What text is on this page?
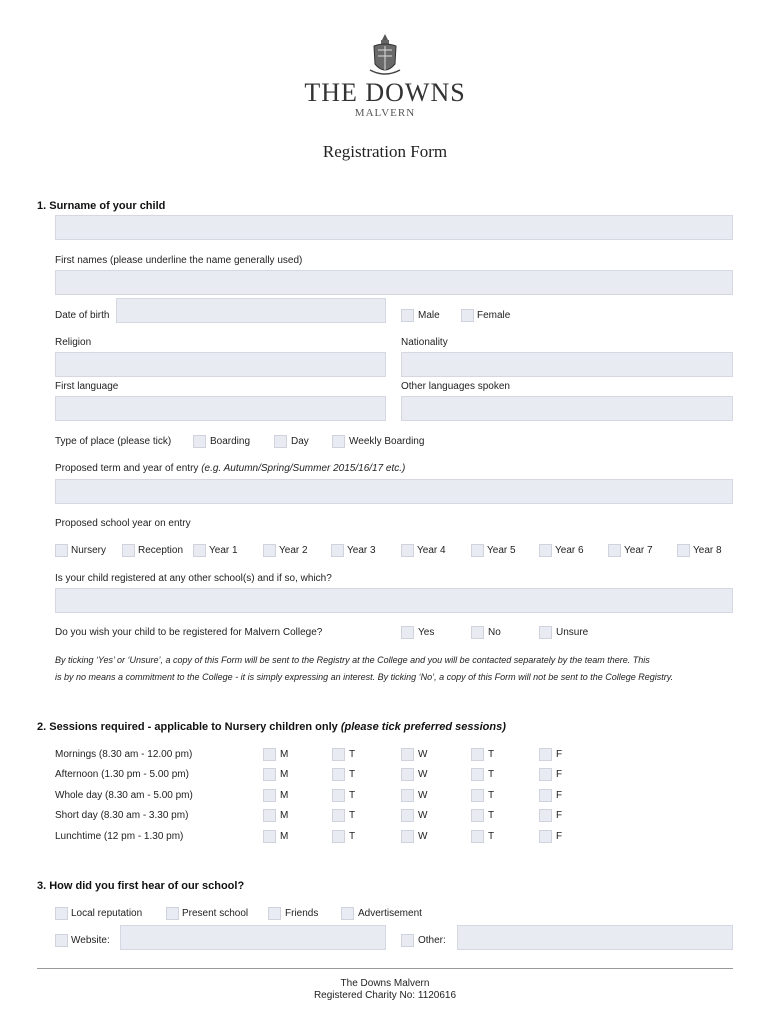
THE DOWNS
MALVERN
Registration Form
1. Surname of your child
First names (please underline the name generally used)
Date of birth	Male	Female
Religion	Nationality
First language	Other languages spoken
Type of place (please tick)	Boarding	Day	Weekly Boarding
Proposed term and year of entry (e.g. Autumn/Spring/Summer 2015/16/17 etc.)
Proposed school year on entry
Nursery	Reception	Year 1	Year 2	Year 3	Year 4	Year 5	Year 6	Year 7	Year 8
Is your child registered at any other school(s) and if so, which?
Do you wish your child to be registered for Malvern College?	Yes	No	Unsure
By ticking ‘Yes’ or ‘Unsure’, a copy of this Form will be sent to the Registry at the College and you will be contacted separately by the team there. This
is by no means a commitment to the College - it is simply expressing an interest. By ticking ‘No’, a copy of this Form will not be sent to the College Registry.
2. Sessions required - applicable to Nursery children only (please tick preferred sessions)
Mornings (8.30 am - 12.00 pm)	M	T	W	T	F
Afternoon (1.30 pm - 5.00 pm)	M	T	W	T	F
Whole day (8.30 am - 5.00 pm)	M	T	W	T	F
Short day (8.30 am - 3.30 pm)	M	T	W	T	F
Lunchtime (12 pm - 1.30 pm)	M	T	W	T	F
3. How did you first hear of our school?
Local reputation	Present school	Friends	Advertisement
Website:	Other:
The Downs Malvern
Registered Charity No: 1120616
